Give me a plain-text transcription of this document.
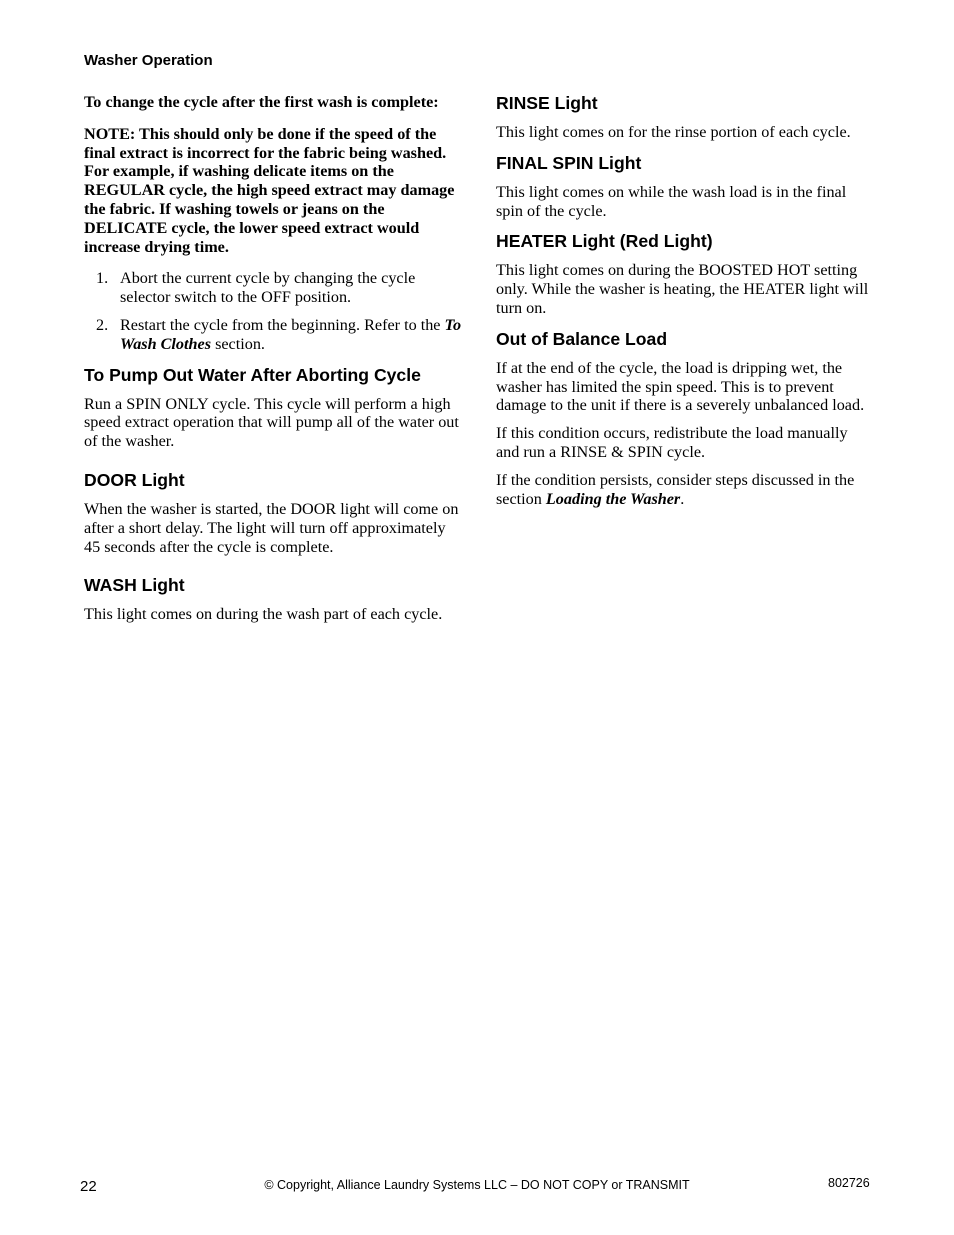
Washer Operation

To change the cycle after the first wash is complete:

NOTE: This should only be done if the speed of the final extract is incorrect for the fabric being washed. For example, if washing delicate items on the REGULAR cycle, the high speed extract may damage the fabric. If washing towels or jeans on the DELICATE cycle, the lower speed extract would increase drying time.

1. Abort the current cycle by changing the cycle selector switch to the OFF position.
2. Restart the cycle from the beginning. Refer to the To Wash Clothes section.
To Pump Out Water After Aborting Cycle

Run a SPIN ONLY cycle. This cycle will perform a high speed extract operation that will pump all of the water out of the washer.

DOOR Light

When the washer is started, the DOOR light will come on after a short delay. The light will turn off approximately 45 seconds after the cycle is complete.

WASH Light

This light comes on during the wash part of each cycle.

RINSE Light

This light comes on for the rinse portion of each cycle.

FINAL SPIN Light

This light comes on while the wash load is in the final spin of the cycle.

HEATER Light (Red Light)

This light comes on during the BOOSTED HOT setting only. While the washer is heating, the HEATER light will turn on.

Out of Balance Load

If at the end of the cycle, the load is dripping wet, the washer has limited the spin speed. This is to prevent damage to the unit if there is a severely unbalanced load.

If this condition occurs, redistribute the load manually and run a RINSE & SPIN cycle.

If the condition persists, consider steps discussed in the section Loading the Washer.

22	© Copyright, Alliance Laundry Systems LLC – DO NOT COPY or TRANSMIT	802726
